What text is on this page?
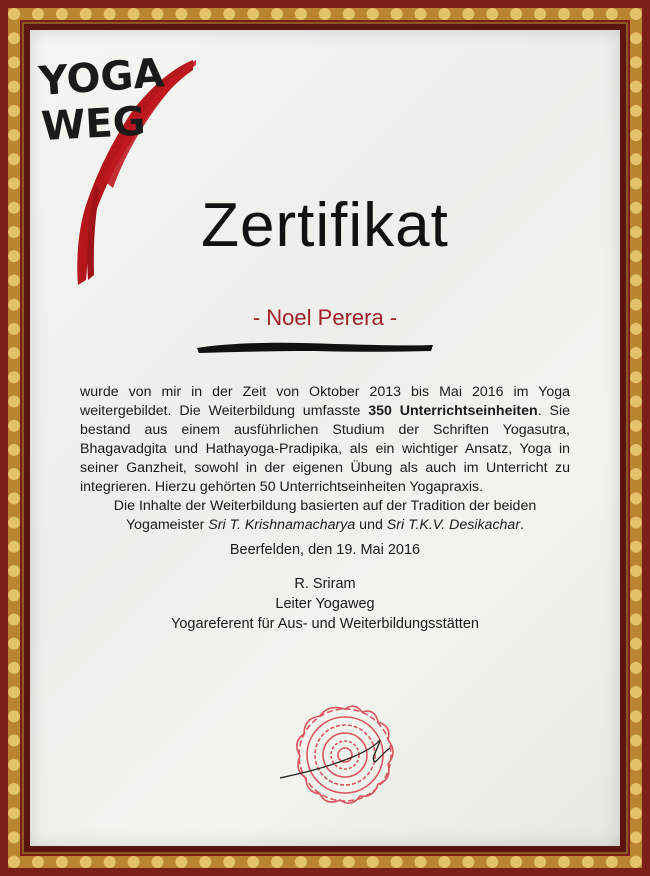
YOGA
WEG
Zertifikat
- Noel Perera -
wurde von mir in der Zeit von Oktober 2013 bis Mai 2016 im Yoga weitergebildet. Die Weiterbildung umfasste 350 Unterrichtseinheiten. Sie bestand aus einem ausführlichen Studium der Schriften Yogasutra, Bhagavadgita und Hathayoga-Pradipika, als ein wichtiger Ansatz, Yoga in seiner Ganzheit, sowohl in der eigenen Übung als auch im Unterricht zu integrieren. Hierzu gehörten 50 Unterrichtseinheiten Yogapraxis.
Die Inhalte der Weiterbildung basierten auf der Tradition der beiden Yogameister Sri T. Krishnamacharya und Sri T.K.V. Desikachar.
Beerfelden, den 19. Mai 2016
R. Sriram
Leiter Yogaweg
Yogareferent für Aus- und Weiterbildungsstätten
